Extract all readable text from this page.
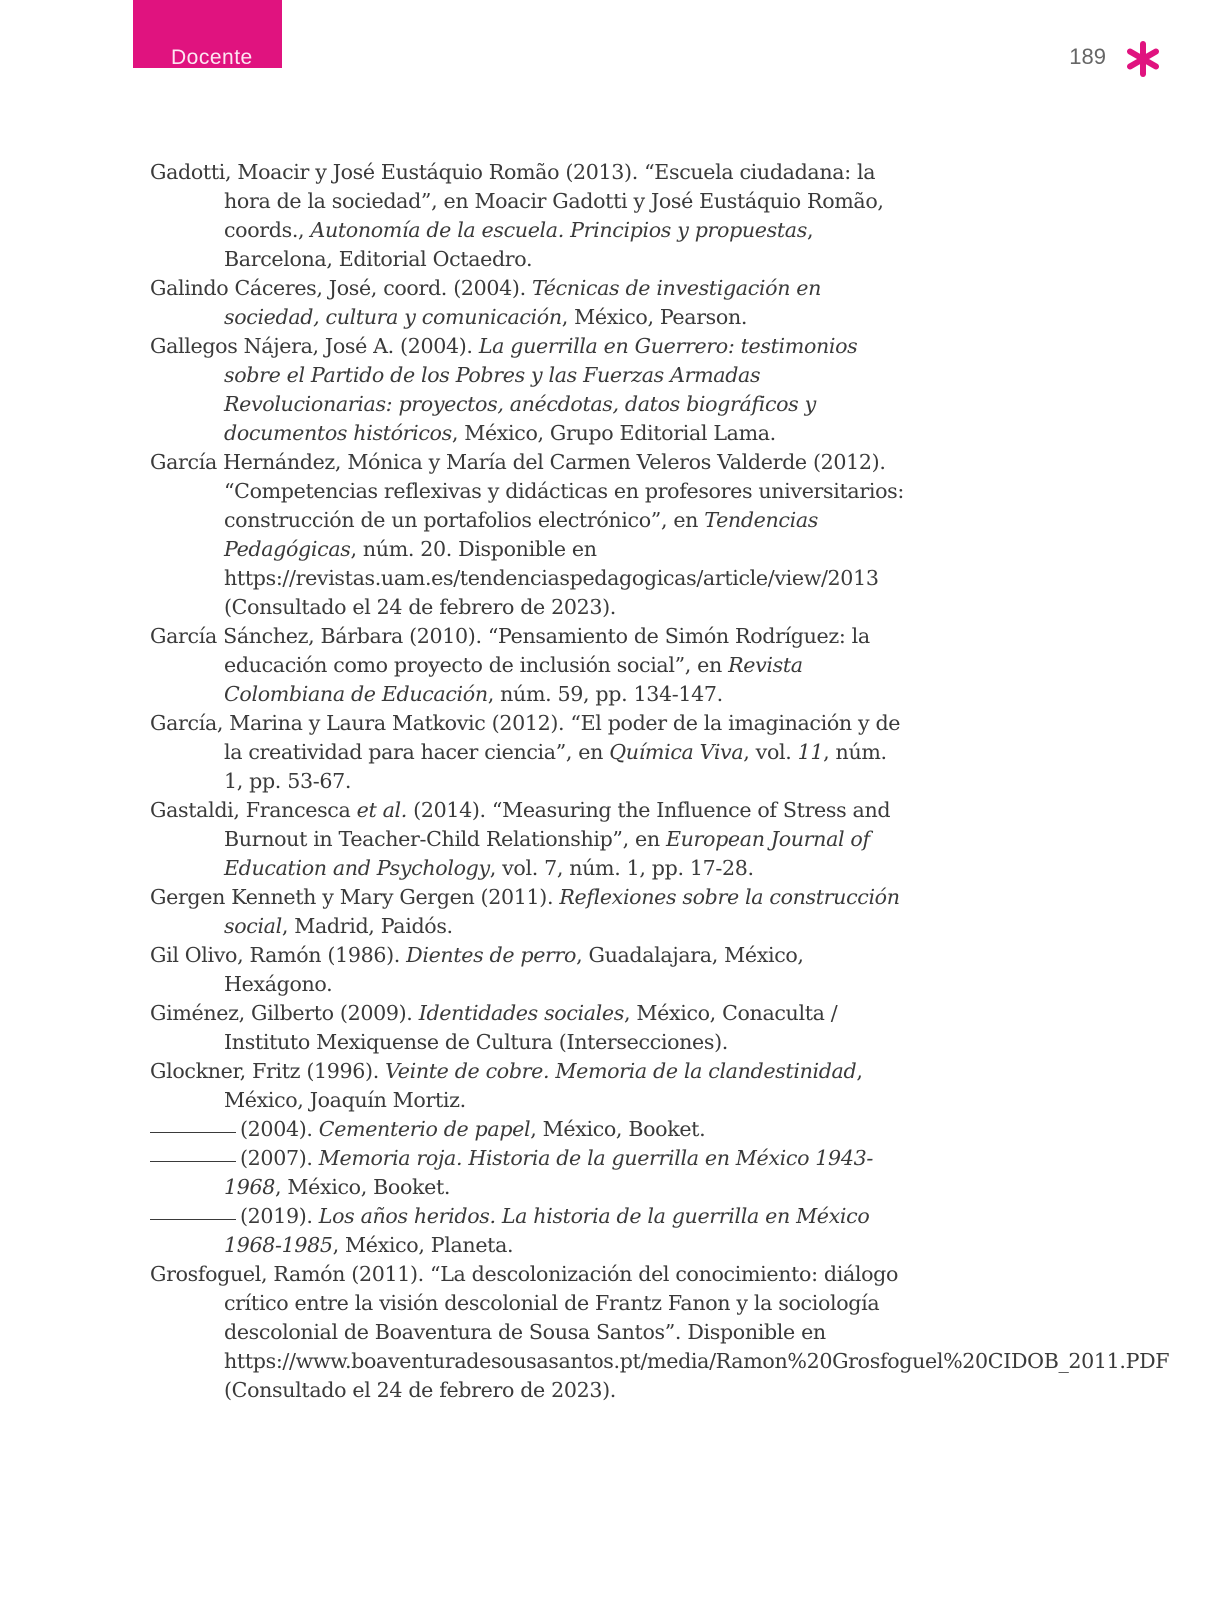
Docente	189

Gadotti, Moacir y José Eustáquio Romão (2013). “Escuela ciudadana: la hora de la sociedad”, en Moacir Gadotti y José Eustáquio Romão, coords., Autonomía de la escuela. Principios y propuestas, Barcelona, Editorial Octaedro.

Galindo Cáceres, José, coord. (2004). Técnicas de investigación en sociedad, cultura y comunicación, México, Pearson.

Gallegos Nájera, José A. (2004). La guerrilla en Guerrero: testimonios sobre el Partido de los Pobres y las Fuerzas Armadas Revolucionarias: proyectos, anécdotas, datos biográficos y documentos históricos, México, Grupo Editorial Lama.

García Hernández, Mónica y María del Carmen Veleros Valderde (2012). “Competencias reflexivas y didácticas en profesores universitarios: construcción de un portafolios electrónico”, en Tendencias Pedagógicas, núm. 20. Disponible en https://revistas.uam.es/tendenciaspedagogicas/article/view/2013 (Consultado el 24 de febrero de 2023).

García Sánchez, Bárbara (2010). “Pensamiento de Simón Rodríguez: la educación como proyecto de inclusión social”, en Revista Colombiana de Educación, núm. 59, pp. 134-147.

García, Marina y Laura Matkovic (2012). “El poder de la imaginación y de la creatividad para hacer ciencia”, en Química Viva, vol. 11, núm. 1, pp. 53-67.

Gastaldi, Francesca et al. (2014). “Measuring the Influence of Stress and Burnout in Teacher-Child Relationship”, en European Journal of Education and Psychology, vol. 7, núm. 1, pp. 17-28.

Gergen Kenneth y Mary Gergen (2011). Reflexiones sobre la construcción social, Madrid, Paidós.

Gil Olivo, Ramón (1986). Dientes de perro, Guadalajara, México, Hexágono.

Giménez, Gilberto (2009). Identidades sociales, México, Conaculta / Instituto Mexiquense de Cultura (Intersecciones).

Glockner, Fritz (1996). Veinte de cobre. Memoria de la clandestinidad, México, Joaquín Mortiz.

(2004). Cementerio de papel, México, Booket.

(2007). Memoria roja. Historia de la guerrilla en México 1943-1968, México, Booket.

(2019). Los años heridos. La historia de la guerrilla en México 1968-1985, México, Planeta.

Grosfoguel, Ramón (2011). “La descolonización del conocimiento: diálogo crítico entre la visión descolonial de Frantz Fanon y la sociología descolonial de Boaventura de Sousa Santos”. Disponible en https://www.boaventuradesousasantos.pt/media/Ramon%20Grosfoguel%20CIDOB_2011.PDF (Consultado el 24 de febrero de 2023).
